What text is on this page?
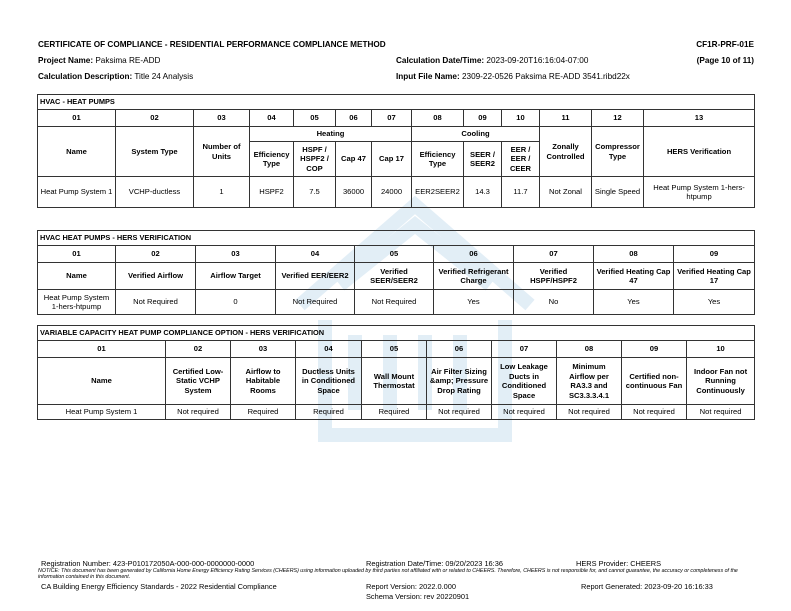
CERTIFICATE OF COMPLIANCE - RESIDENTIAL PERFORMANCE COMPLIANCE METHOD	CF1R-PRF-01E
Project Name: Paksima RE-ADD	Calculation Date/Time: 2023-09-20T16:16:04-07:00	(Page 10 of 11)
Calculation Description: Title 24 Analysis	Input File Name: 2309-22-0526 Paksima RE-ADD 3541.ribd22x
HVAC - HEAT PUMPS												
01	02	03	04	05	06	07	08	09	10	11	12	13
Name	System Type	Number of Units	Heating				Cooling			Zonally Controlled	Compressor Type	HERS Verification
			Efficiency Type	HSPF / HSPF2 / COP	Cap 47	Cap 17	Efficiency Type	SEER / SEER2	EER / EER / CEER			
Heat Pump System 1	VCHP-ductless	1	HSPF2	7.5	36000	24000	EER2SEER2	14.3	11.7	Not Zonal	Single Speed	Heat Pump System 1-hers-htpump
HVAC HEAT PUMPS - HERS VERIFICATION								
01	02	03	04	05	06	07	08	09
Name	Verified Airflow	Airflow Target	Verified EER/EER2	Verified SEER/SEER2	Verified Refrigerant Charge	Verified HSPF/HSPF2	Verified Heating Cap 47	Verified Heating Cap 17
Heat Pump System 1-hers-htpump	Not Required	0	Not Required	Not Required	Yes	No	Yes	Yes
VARIABLE CAPACITY HEAT PUMP COMPLIANCE OPTION - HERS VERIFICATION									
01	02	03	04	05	06	07	08	09	10
Name	Certified Low-Static VCHP System	Airflow to Habitable Rooms	Ductless Units in Conditioned Space	Wall Mount Thermostat	Air Filter Sizing &amp; Pressure Drop Rating	Low Leakage Ducts in Conditioned Space	Minimum Airflow per RA3.3 and SC3.3.3.4.1	Certified non-continuous Fan	Indoor Fan not Running Continuously
Heat Pump System 1	Not required	Required	Required	Required	Not required	Not required	Not required	Not required	Not required
Registration Number: 423-P010172050A-000-000-0000000-0000	Registration Date/Time: 09/20/2023 16:36	HERS Provider: CHEERS
NOTICE: This document has been generated by California Home Energy Efficiency Rating Services (CHEERS) using information uploaded by third parties not affiliated with or related to CHEERS. Therefore, CHEERS is not responsible for, and cannot guarantee, the accuracy or completeness of the information contained in this document.
CA Building Energy Efficiency Standards - 2022 Residential Compliance	Report Version: 2022.0.000	Report Generated: 2023-09-20 16:16:33
Schema Version: rev 20220901
